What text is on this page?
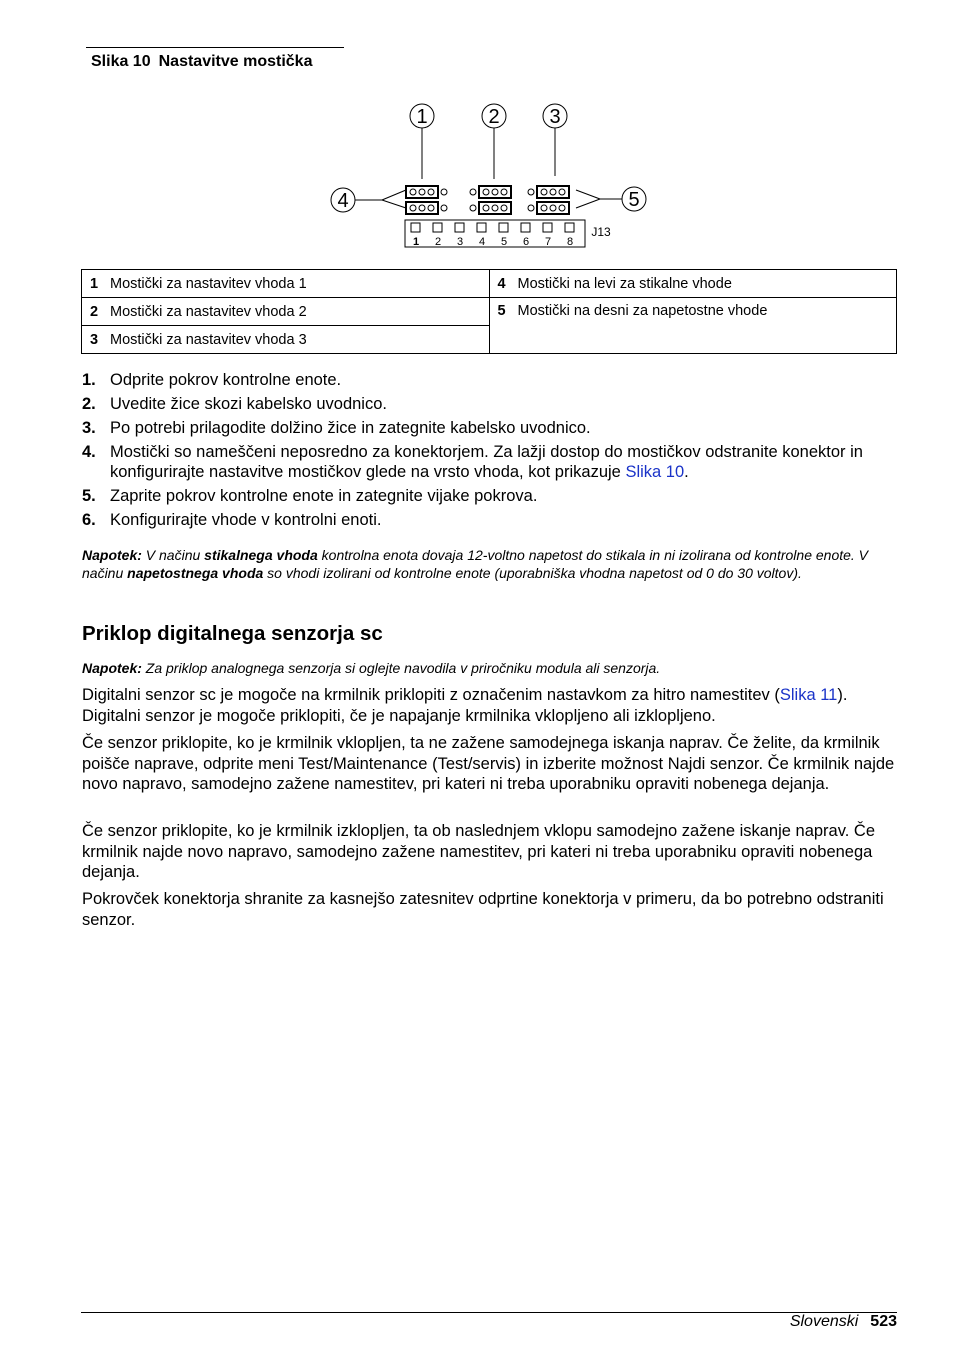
Slika 10 Nastavitve mostička
1	2 3
4	5
1 2 3 4 5 6 7 8
J13
1 Mostički za nastavitev vhoda 1	4 Mostički na levi za stikalne vhode
2 Mostički za nastavitev vhoda 2	5 Mostički na desni za napetostne vhode
3 Mostički za nastavitev vhoda 3	
1. Odprite pokrov kontrolne enote.
2. Uvedite žice skozi kabelsko uvodnico.
3. Po potrebi prilagodite dolžino žice in zategnite kabelsko uvodnico.
4. Mostički so nameščeni neposredno za konektorjem. Za lažji dostop do mostičkov odstranite konektor in konfigurirajte nastavitve mostičkov glede na vrsto vhoda, kot prikazuje Slika 10.
5. Zaprite pokrov kontrolne enote in zategnite vijake pokrova.
6. Konfigurirajte vhode v kontrolni enoti.
Napotek: V načinu stikalnega vhoda kontrolna enota dovaja 12-voltno napetost do stikala in ni izolirana od kontrolne enote. V načinu napetostnega vhoda so vhodi izolirani od kontrolne enote (uporabniška vhodna napetost od 0 do 30 voltov).
Priklop digitalnega senzorja sc
Napotek: Za priklop analognega senzorja si oglejte navodila v priročniku modula ali senzorja.
Digitalni senzor sc je mogoče na krmilnik priklopiti z označenim nastavkom za hitro namestitev (Slika 11). Digitalni senzor je mogoče priklopiti, če je napajanje krmilnika vklopljeno ali izklopljeno.
Če senzor priklopite, ko je krmilnik vklopljen, ta ne zažene samodejnega iskanja naprav. Če želite, da krmilnik poišče naprave, odprite meni Test/Maintenance (Test/servis) in izberite možnost Najdi senzor. Če krmilnik najde novo napravo, samodejno zažene namestitev, pri kateri ni treba uporabniku opraviti nobenega dejanja.
Če senzor priklopite, ko je krmilnik izklopljen, ta ob naslednjem vklopu samodejno zažene iskanje naprav. Če krmilnik najde novo napravo, samodejno zažene namestitev, pri kateri ni treba uporabniku opraviti nobenega dejanja.
Pokrovček konektorja shranite za kasnejšo zatesnitev odprtine konektorja v primeru, da bo potrebno odstraniti senzor.
Slovenski 523
